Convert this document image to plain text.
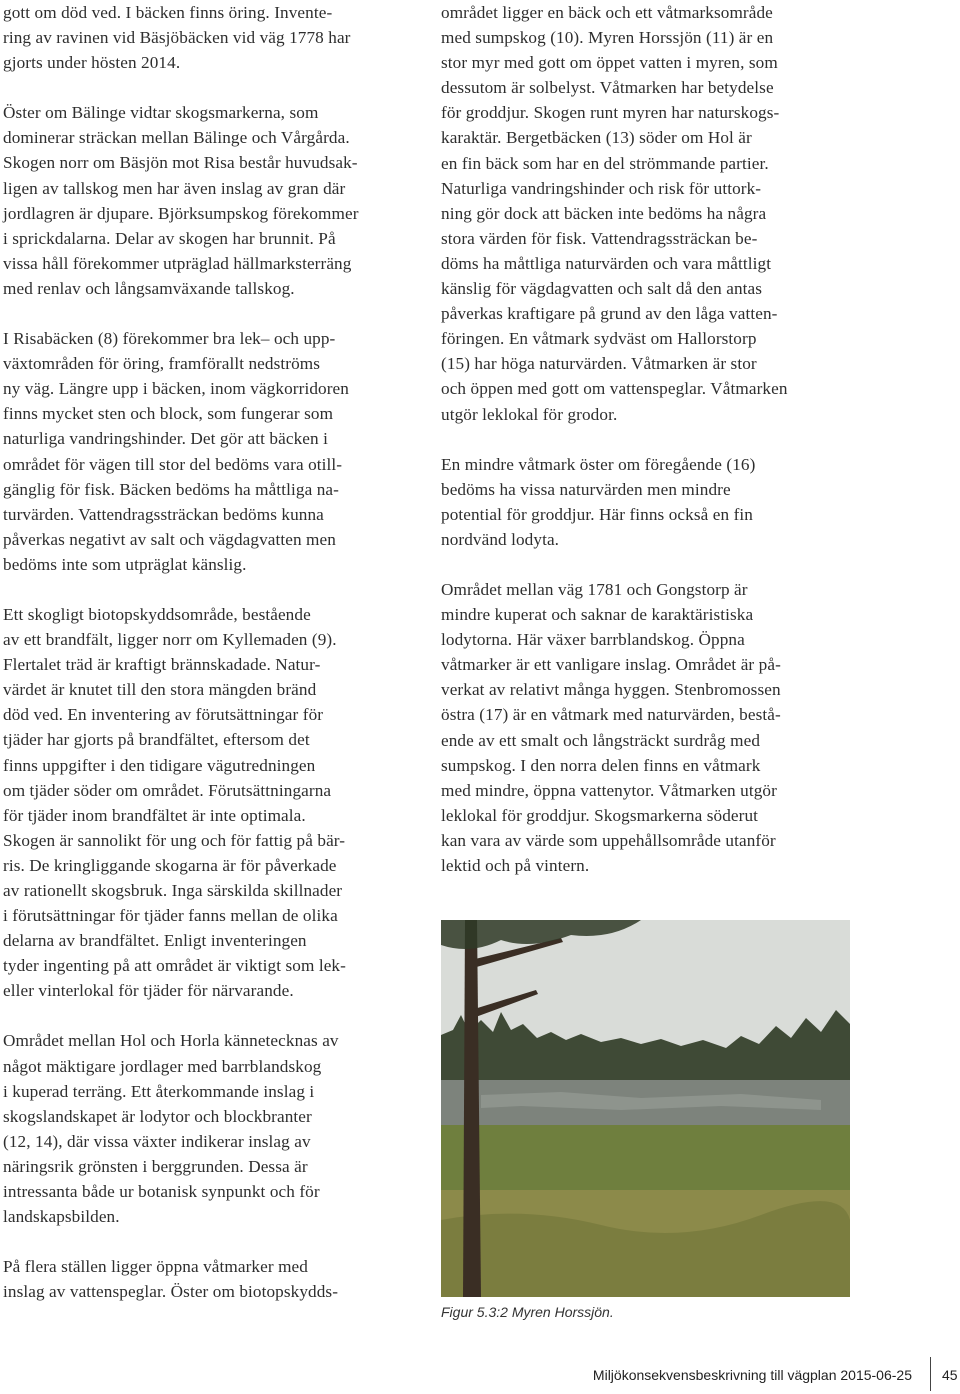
gott om död ved. I bäcken finns öring. Invente-
ring av ravinen vid Bäsjöbäcken vid väg 1778 har
gjorts under hösten 2014.

Öster om Bälinge vidtar skogsmarkerna, som
dominerar sträckan mellan Bälinge och Vårgårda.
Skogen norr om Bäsjön mot Risa består huvudsak-
ligen av tallskog men har även inslag av gran där
jordlagren är djupare. Björksumpskog förekommer
i sprickdalarna. Delar av skogen har brunnit. På
vissa håll förekommer utpräglad hällmarksterräng
med renlav och långsamväxande tallskog.

I Risabäcken (8) förekommer bra lek– och upp-
växtområden för öring, framförallt nedströms
ny väg. Längre upp i bäcken, inom vägkorridoren
finns mycket sten och block, som fungerar som
naturliga vandringshinder. Det gör att bäcken i
området för vägen till stor del bedöms vara otill-
gänglig för fisk. Bäcken bedöms ha måttliga na-
turvärden. Vattendragssträckan bedöms kunna
påverkas negativt av salt och vägdagvatten men
bedöms inte som utpräglat känslig.

Ett skogligt biotopskyddsområde, bestående
av ett brandfält, ligger norr om Kyllemaden (9).
Flertalet träd är kraftigt brännskadade. Natur-
värdet är knutet till den stora mängden bränd
död ved. En inventering av förutsättningar för
tjäder har gjorts på brandfältet, eftersom det
finns uppgifter i den tidigare vägutredningen
om tjäder söder om området. Förutsättningarna
för tjäder inom brandfältet är inte optimala.
Skogen är sannolikt för ung och för fattig på bär-
ris. De kringliggande skogarna är för påverkade
av rationellt skogsbruk. Inga särskilda skillnader
i förutsättningar för tjäder fanns mellan de olika
delarna av brandfältet. Enligt inventeringen
tyder ingenting på att området är viktigt som lek-
eller vinterlokal för tjäder för närvarande.

Området mellan Hol och Horla kännetecknas av
något mäktigare jordlager med barrblandskog
i kuperad terräng. Ett återkommande inslag i
skogslandskapet är lodytor och blockbranter
(12, 14), där vissa växter indikerar inslag av
näringsrik grönsten i berggrunden. Dessa är
intressanta både ur botanisk synpunkt och för
landskapsbilden.

På flera ställen ligger öppna våtmarker med
inslag av vattenspeglar. Öster om biotopskydds-

området ligger en bäck och ett våtmarksområde
med sumpskog (10). Myren Horssjön (11) är en
stor myr med gott om öppet vatten i myren, som
dessutom är solbelyst. Våtmarken har betydelse
för groddjur. Skogen runt myren har naturskogs-
karaktär. Bergetbäcken (13) söder om Hol är
en fin bäck som har en del strömmande partier.
Naturliga vandringshinder och risk för uttork-
ning gör dock att bäcken inte bedöms ha några
stora värden för fisk. Vattendragssträckan be-
döms ha måttliga naturvärden och vara måttligt
känslig för vägdagvatten och salt då den antas
påverkas kraftigare på grund av den låga vatten-
föringen. En våtmark sydväst om Hallorstorp
(15) har höga naturvärden. Våtmarken är stor
och öppen med gott om vattenspeglar. Våtmarken
utgör leklokal för grodor.

En mindre våtmark öster om föregående (16)
bedöms ha vissa naturvärden men mindre
potential för groddjur. Här finns också en fin
nordvänd lodyta.

Området mellan väg 1781 och Gongstorp är
mindre kuperat och saknar de karaktäristiska
lodytorna. Här växer barrblandskog. Öppna
våtmarker är ett vanligare inslag. Området är på-
verkat av relativt många hyggen. Stenbromossen
östra (17) är en våtmark med naturvärden, bestå-
ende av ett smalt och långsträckt surdråg med
sumpskog. I den norra delen finns en våtmark
med mindre, öppna vattenytor. Våtmarken utgör
leklokal för groddjur. Skogsmarkerna söderut
kan vara av värde som uppehållsområde utanför
lektid och på vintern.

Figur 5.3:2 Myren Horssjön.
Miljökonsekvensbeskrivning till vägplan 2015-06-25 45
